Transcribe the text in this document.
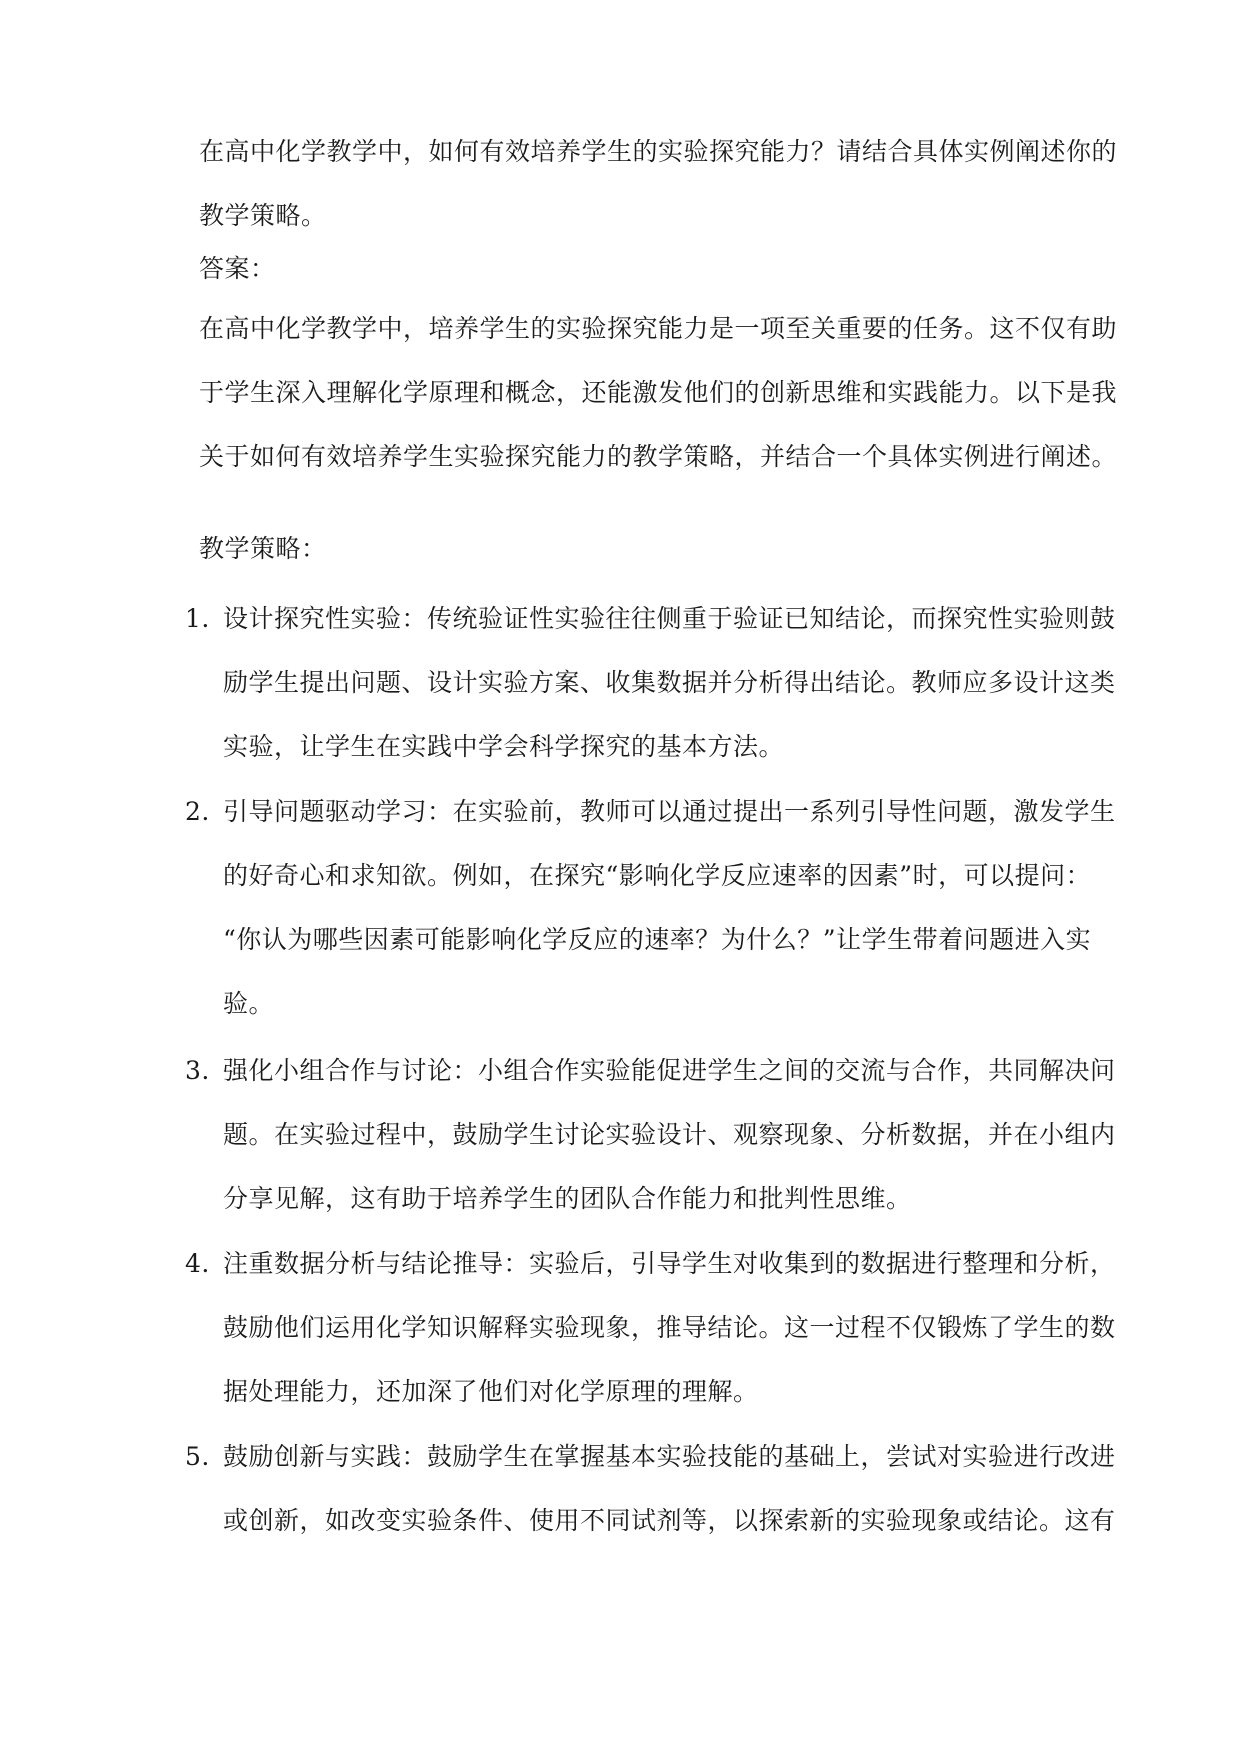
在高中化学教学中，如何有效培养学生的实验探究能力？请结合具体实例阐述你的
教学策略。
答案：
在高中化学教学中，培养学生的实验探究能力是一项至关重要的任务。这不仅有助
于学生深入理解化学原理和概念，还能激发他们的创新思维和实践能力。以下是我
关于如何有效培养学生实验探究能力的教学策略，并结合一个具体实例进行阐述。
教学策略：
1. 设计探究性实验：传统验证性实验往往侧重于验证已知结论，而探究性实验则鼓
励学生提出问题、设计实验方案、收集数据并分析得出结论。教师应多设计这类
实验，让学生在实践中学会科学探究的基本方法。
2. 引导问题驱动学习：在实验前，教师可以通过提出一系列引导性问题，激发学生
的好奇心和求知欲。例如，在探究“影响化学反应速率的因素”时，可以提问：
“你认为哪些因素可能影响化学反应的速率？为什么？”让学生带着问题进入实
验。
3. 强化小组合作与讨论：小组合作实验能促进学生之间的交流与合作，共同解决问
题。在实验过程中，鼓励学生讨论实验设计、观察现象、分析数据，并在小组内
分享见解，这有助于培养学生的团队合作能力和批判性思维。
4. 注重数据分析与结论推导：实验后，引导学生对收集到的数据进行整理和分析，
鼓励他们运用化学知识解释实验现象，推导结论。这一过程不仅锻炼了学生的数
据处理能力，还加深了他们对化学原理的理解。
5. 鼓励创新与实践：鼓励学生在掌握基本实验技能的基础上，尝试对实验进行改进
或创新，如改变实验条件、使用不同试剂等，以探索新的实验现象或结论。这有
